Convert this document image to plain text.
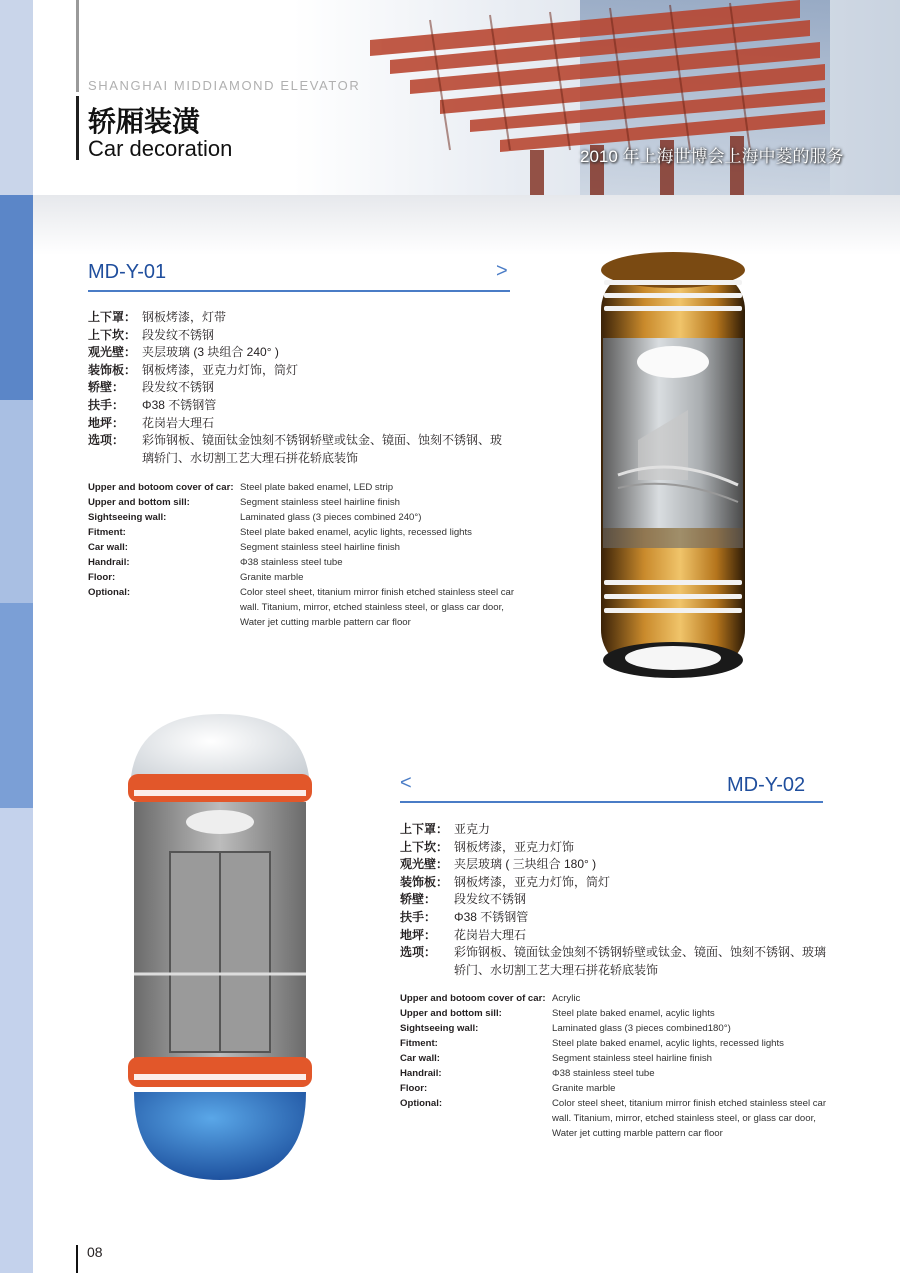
SHANGHAI MIDDIAMOND ELEVATOR
轿厢装潢
Car decoration	2010 年上海世博会上海中菱的服务
MD-Y-01	>
上下罩： 钢板烤漆，灯带
上下坎： 段发纹不锈钢
观光壁： 夹层玻璃 (3 块组合 240° )
装饰板： 钢板烤漆，亚克力灯饰，筒灯
轿壁：	段发纹不锈钢
扶手：	Φ38 不锈钢管
地坪：	花岗岩大理石
选项：	彩饰钢板、镜面钛金蚀刻不锈钢轿壁或钛金、镜面、蚀刻不锈钢、玻璃轿门、水切割工艺大理石拼花轿底装饰
Upper and botoom cover of car: Steel plate baked enamel, LED strip
Upper and bottom sill:	Segment stainless steel hairline finish
Sightseeing wall:	Laminated glass (3 pieces combined 240°)
Fitment:	Steel plate baked enamel, acylic lights, recessed lights
Car wall:	Segment stainless steel hairline finish
Handrail:	Φ38 stainless steel tube
Floor:	Granite marble
Optional:	Color steel sheet, titanium mirror finish etched stainless steel car wall. Titanium, mirror, etched stainless steel, or glass car door, Water jet cutting marble pattern car floor
<	MD-Y-02
上下罩： 亚克力
上下坎： 钢板烤漆，亚克力灯饰
观光壁： 夹层玻璃 ( 三块组合 180° )
装饰板： 钢板烤漆，亚克力灯饰，筒灯
轿壁：	段发纹不锈钢
扶手：	Φ38 不锈钢管
地坪：	花岗岩大理石
选项：	彩饰钢板、镜面钛金蚀刻不锈钢轿壁或钛金、镜面、蚀刻不锈钢、玻璃轿门、水切割工艺大理石拼花轿底装饰
Upper and botoom cover of car: Acrylic
Upper and bottom sill:	Steel plate baked enamel, acylic lights
Sightseeing wall:	Laminated glass (3 pieces combined180°)
Fitment:	Steel plate baked enamel, acylic lights, recessed lights
Car wall:	Segment stainless steel hairline finish
Handrail:	Φ38 stainless steel tube
Floor:	Granite marble
Optional:	Color steel sheet, titanium mirror finish etched stainless steel car wall. Titanium, mirror, etched stainless steel, or glass car door, Water jet cutting marble pattern car floor
08
